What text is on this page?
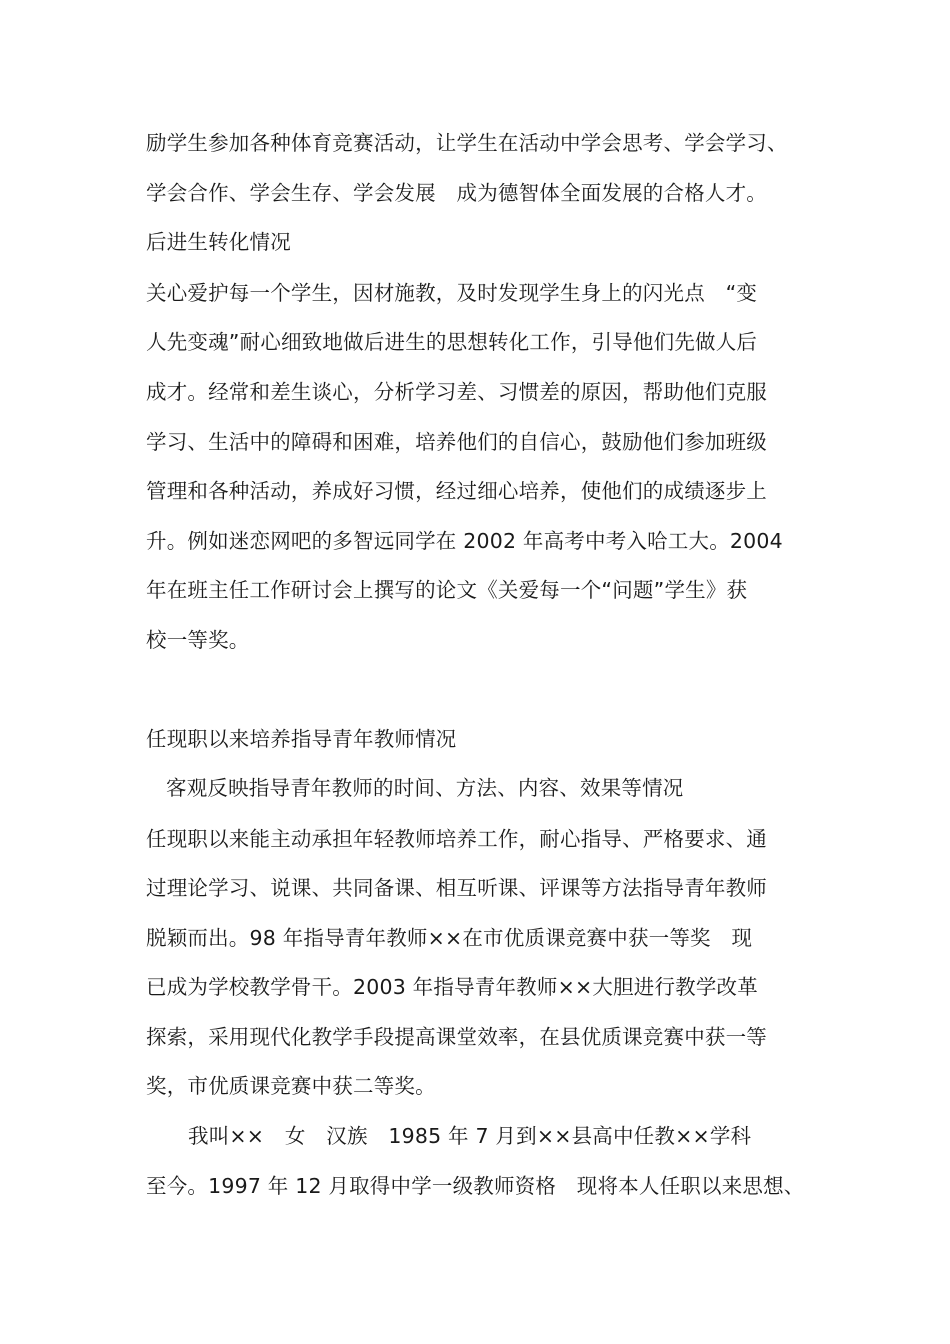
励学生参加各种体育竞赛活动，让学生在活动中学会思考、学会学习、
学会合作、学会生存、学会发展　成为德智体全面发展的合格人才。
后进生转化情况
关心爱护每一个学生，因材施教，及时发现学生身上的闪光点　“变
人先变魂”耐心细致地做后进生的思想转化工作，引导他们先做人后
成才。经常和差生谈心，分析学习差、习惯差的原因，帮助他们克服
学习、生活中的障碍和困难，培养他们的自信心，鼓励他们参加班级
管理和各种活动，养成好习惯，经过细心培养，使他们的成绩逐步上
升。例如迷恋网吧的多智远同学在 2002 年高考中考入哈工大。2004
年在班主任工作研讨会上撰写的论文《关爱每一个“问题”学生》获
校一等奖。
任现职以来培养指导青年教师情况
客观反映指导青年教师的时间、方法、内容、效果等情况
任现职以来能主动承担年轻教师培养工作，耐心指导、严格要求、通
过理论学习、说课、共同备课、相互听课、评课等方法指导青年教师
脱颖而出。98 年指导青年教师××在市优质课竞赛中获一等奖　现
已成为学校教学骨干。2003 年指导青年教师××大胆进行教学改革
探索，采用现代化教学手段提高课堂效率，在县优质课竞赛中获一等
奖，市优质课竞赛中获二等奖。
我叫××　女　汉族　1985 年 7 月到××县高中任教××学科
至今。1997 年 12 月取得中学一级教师资格　现将本人任职以来思想、
